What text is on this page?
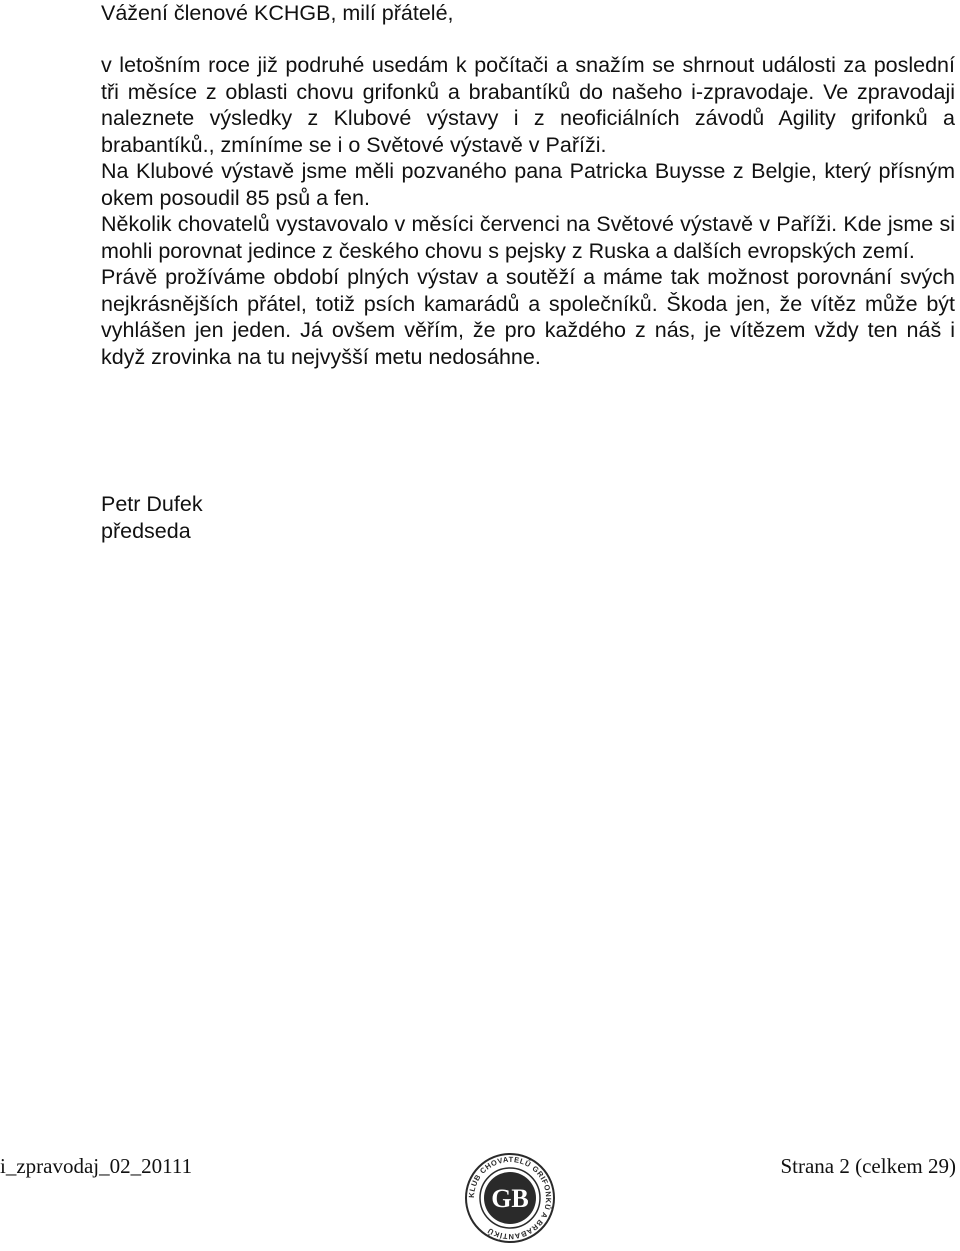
Vážení členové KCHGB, milí přátelé,

v letošním roce již podruhé usedám k počítači a snažím se shrnout události za poslední tři měsíce z oblasti chovu grifonků a brabantíků do našeho i-zpravodaje. Ve zpravodaji naleznete výsledky z Klubové výstavy i z neoficiálních závodů Agility grifonků a brabantíků., zmíníme se i o Světové výstavě v Paříži.

Na Klubové výstavě jsme měli pozvaného pana Patricka Buysse z Belgie, který přísným okem posoudil 85 psů a fen.

Několik chovatelů vystavovalo v měsíci červenci na Světové výstavě v Paříži. Kde jsme si mohli porovnat jedince z českého chovu s pejsky z Ruska a dalších evropských zemí.

Právě prožíváme období plných výstav a soutěží a máme tak možnost porovnání svých nejkrásnějších přátel, totiž psích kamarádů a společníků. Škoda jen, že vítěz může být vyhlášen jen jeden. Já ovšem věřím, že pro každého z nás, je vítězem vždy ten náš i když zrovinka na tu nejvyšší metu nedosáhne.

Petr Dufek
předseda
i_zpravodaj_02_20111
KLUB CHOVATELŮ GRIFONKŮ A BRABANTÍKŮ
GB
Strana 2 (celkem 29)
